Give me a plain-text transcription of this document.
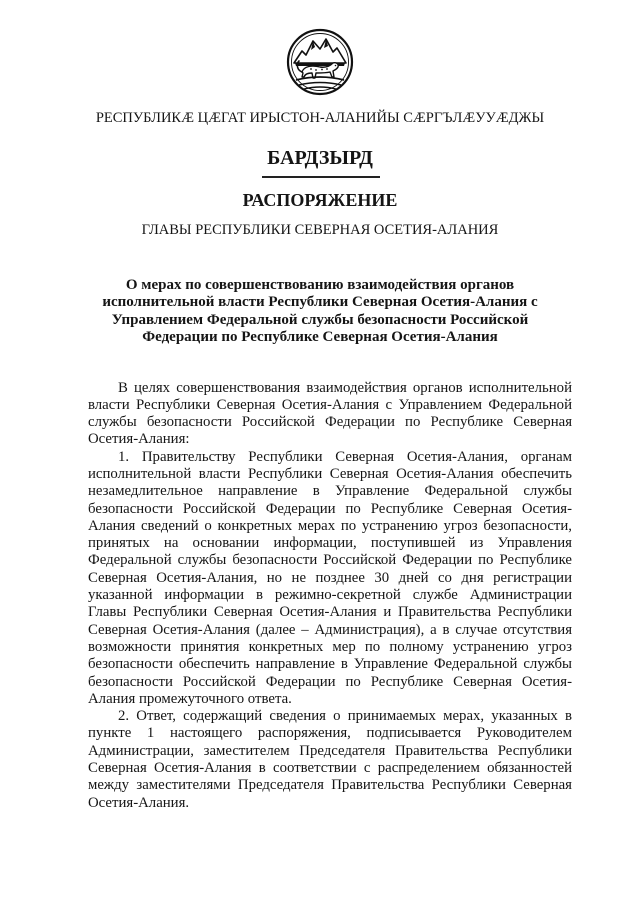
РЕСПУБЛИКӔ ЦӔГАТ ИРЫСТОН-АЛАНИЙЫ СӔРГЪЛӔУУӔДЖЫ
БАРДЗЫРД
РАСПОРЯЖЕНИЕ
ГЛАВЫ РЕСПУБЛИКИ СЕВЕРНАЯ ОСЕТИЯ-АЛАНИЯ
О мерах по совершенствованию взаимодействия органов
исполнительной власти Республики Северная Осетия-Алания с
Управлением Федеральной службы безопасности Российской
Федерации по Республике Северная Осетия-Алания
В целях совершенствования взаимодействия органов исполнительной
власти Республики Северная Осетия-Алания с Управлением Федеральной
службы безопасности Российской Федерации по Республике Северная
Осетия-Алания:
1. Правительству Республики Северная Осетия-Алания, органам
исполнительной власти Республики Северная Осетия-Алания обеспечить
незамедлительное направление в Управление Федеральной службы
безопасности Российской Федерации по Республике Северная Осетия-
Алания сведений о конкретных мерах по устранению угроз безопасности,
принятых на основании информации, поступившей из Управления
Федеральной службы безопасности Российской Федерации по Республике
Северная Осетия-Алания, но не позднее 30 дней со дня регистрации
указанной информации в режимно-секретной службе Администрации
Главы Республики Северная Осетия-Алания и Правительства Республики
Северная Осетия-Алания (далее – Администрация), а в случае отсутствия
возможности принятия конкретных мер по полному устранению угроз
безопасности обеспечить направление в Управление Федеральной службы
безопасности Российской Федерации по Республике Северная Осетия-
Алания промежуточного ответа.
2. Ответ, содержащий сведения о принимаемых мерах, указанных в
пункте 1 настоящего распоряжения, подписывается Руководителем
Администрации, заместителем Председателя Правительства Республики
Северная Осетия-Алания в соответствии с распределением обязанностей
между заместителями Председателя Правительства Республики Северная
Осетия-Алания.
